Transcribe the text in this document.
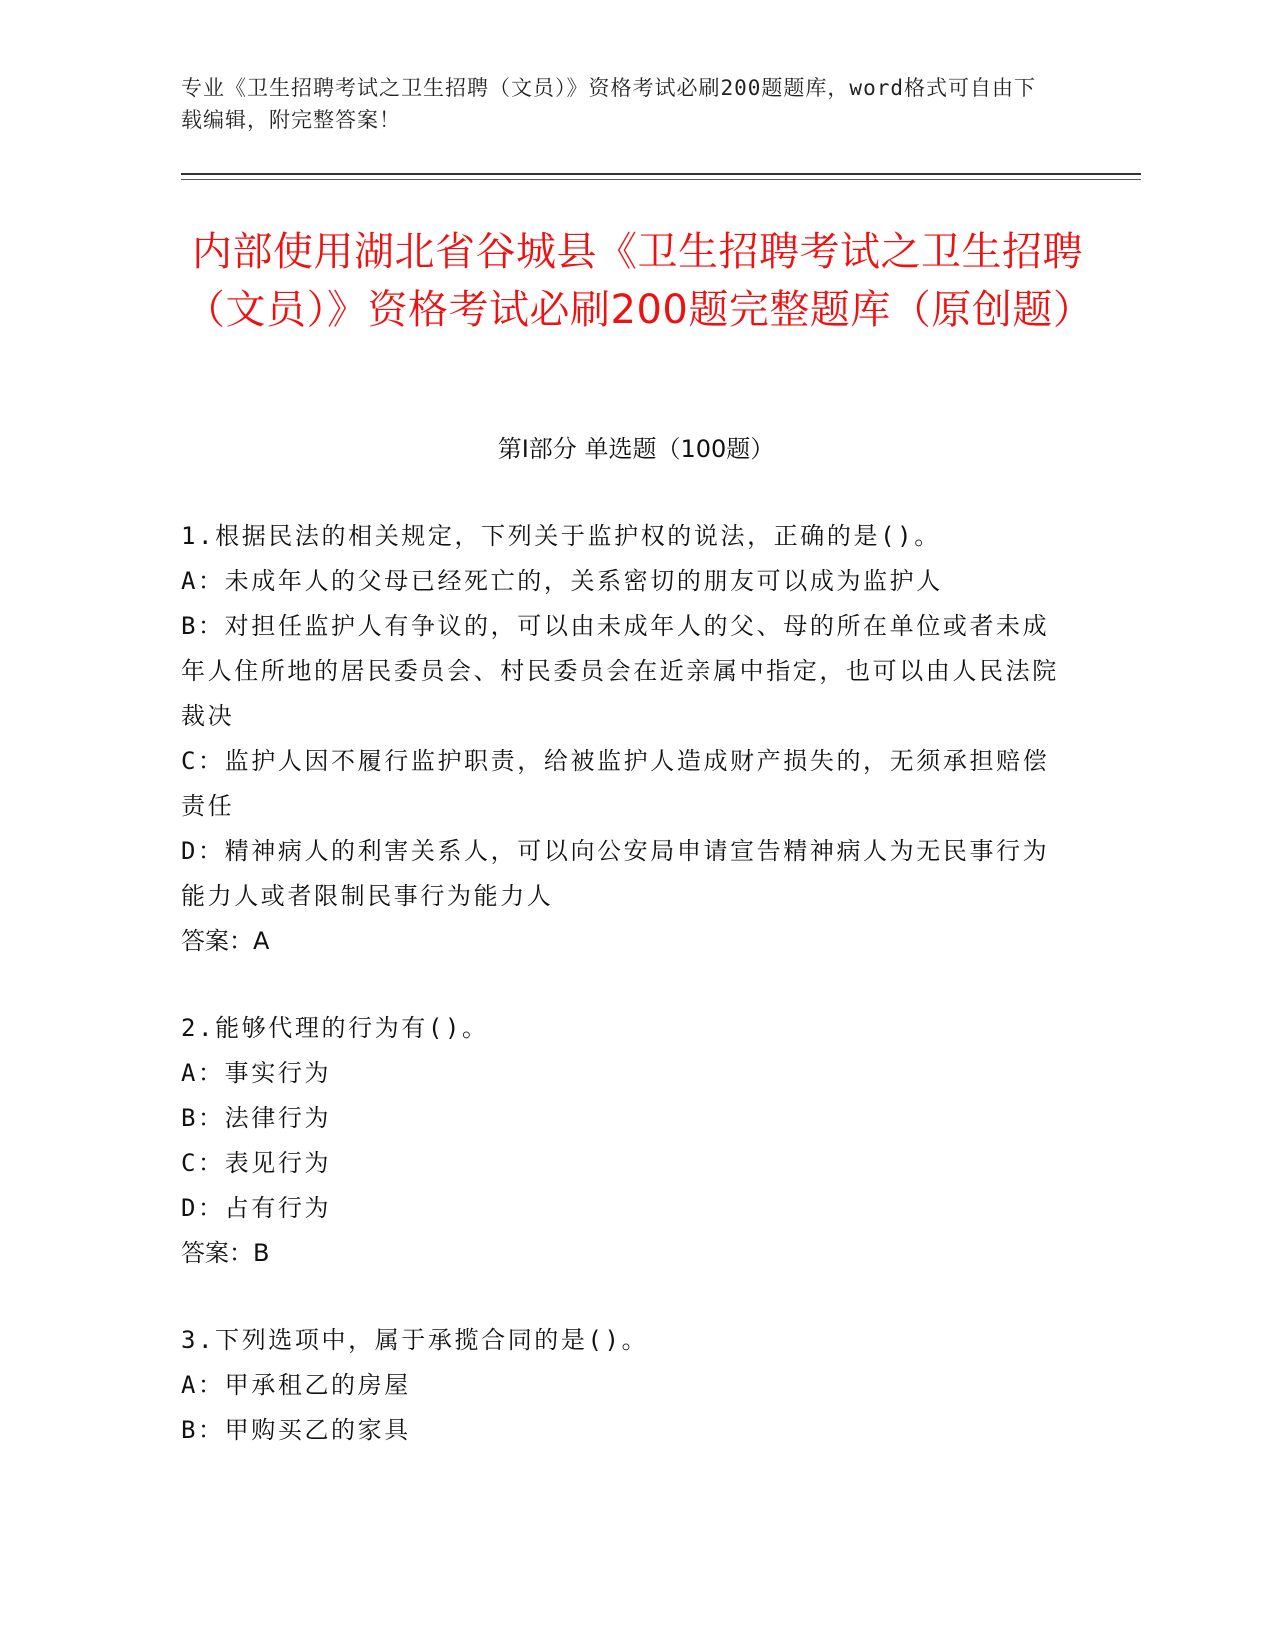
专业《卫生招聘考试之卫生招聘（文员）》资格考试必刷200题题库，word格式可自由下载编辑，附完整答案！
内部使用湖北省谷城县《卫生招聘考试之卫生招聘（文员）》资格考试必刷200题完整题库（原创题）
第Ⅰ部分 单选题（100题）

1.根据民法的相关规定，下列关于监护权的说法，正确的是()。

A：未成年人的父母已经死亡的，关系密切的朋友可以成为监护人

B：对担任监护人有争议的，可以由未成年人的父、母的所在单位或者未成年人住所地的居民委员会、村民委员会在近亲属中指定，也可以由人民法院裁决

C：监护人因不履行监护职责，给被监护人造成财产损失的，无须承担赔偿责任

D：精神病人的利害关系人，可以向公安局申请宣告精神病人为无民事行为能力人或者限制民事行为能力人

答案：A

2.能够代理的行为有()。

A：事实行为

B：法律行为

C：表见行为

D：占有行为

答案：B

3.下列选项中，属于承揽合同的是()。

A：甲承租乙的房屋

B：甲购买乙的家具
